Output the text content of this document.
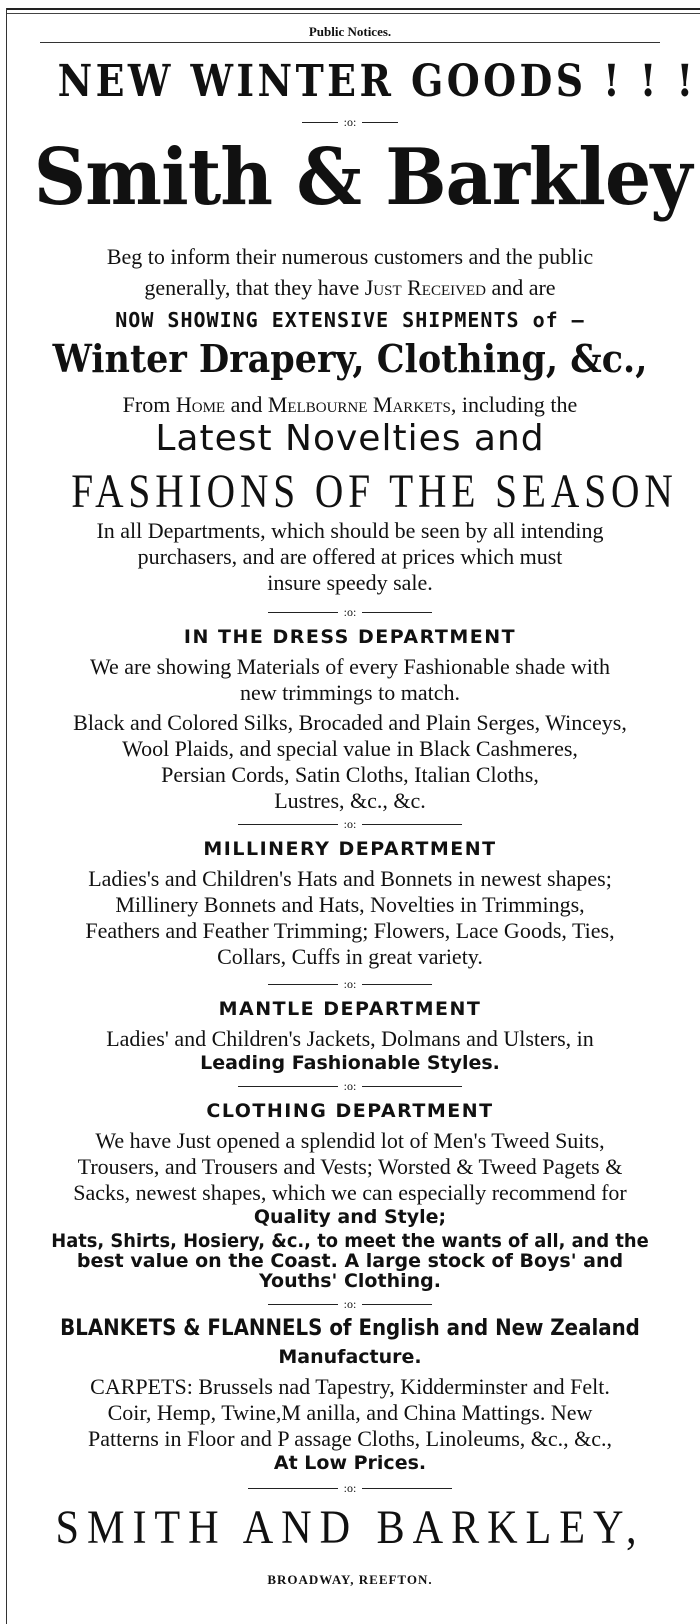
Public Notices.
NEW WINTER GOODS ! ! !
:o:
Smith & Barkley
Beg to inform their numerous customers and the public
generally, that they have Just Received and are
NOW SHOWING EXTENSIVE SHIPMENTS of —
Winter Drapery, Clothing, &c.,
From Home and Melbourne Markets, including the
Latest Novelties and
FASHIONS OF THE SEASON
In all Departments, which should be seen by all intending
purchasers, and are offered at prices which must
insure speedy sale.
:o:
IN THE DRESS DEPARTMENT
We are showing Materials of every Fashionable shade with
new trimmings to match.
Black and Colored Silks, Brocaded and Plain Serges, Winceys,
Wool Plaids, and special value in Black Cashmeres,
Persian Cords, Satin Cloths, Italian Cloths,
Lustres, &c., &c.
:o:
MILLINERY DEPARTMENT
Ladies's and Children's Hats and Bonnets in newest shapes;
Millinery Bonnets and Hats, Novelties in Trimmings,
Feathers and Feather Trimming; Flowers, Lace Goods, Ties,
Collars, Cuffs in great variety.
:o:
MANTLE DEPARTMENT
Ladies' and Children's Jackets, Dolmans and Ulsters, in
Leading Fashionable Styles.
:o:
CLOTHING DEPARTMENT
We have Just opened a splendid lot of Men's Tweed Suits,
Trousers, and Trousers and Vests; Worsted & Tweed Pagets &
Sacks, newest shapes, which we can especially recommend for
Quality and Style;
Hats, Shirts, Hosiery, &c., to meet the wants of all, and the
best value on the Coast. A large stock of Boys' and
Youths' Clothing.
:o:
BLANKETS & FLANNELS of English and New Zealand
Manufacture.
CARPETS: Brussels nad Tapestry, Kidderminster and Felt.
Coir, Hemp, Twine,M anilla, and China Mattings. New
Patterns in Floor and P assage Cloths, Linoleums, &c., &c.,
At Low Prices.
:o:
SMITH AND BARKLEY,
BROADWAY, REEFTON.
